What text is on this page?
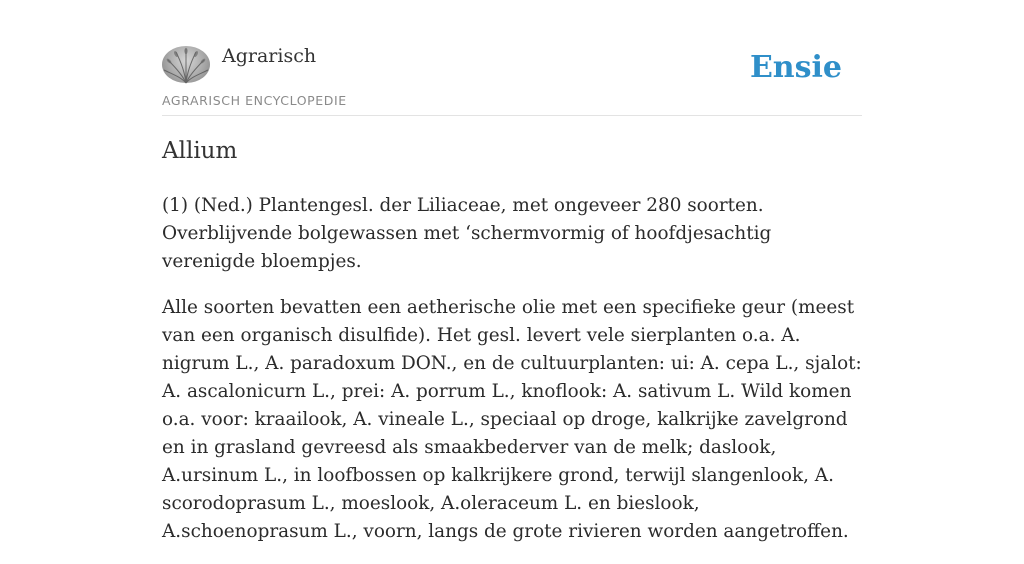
Agrarisch
AGRARISCH ENCYCLOPEDIE
Ensie
Allium

(1) (Ned.) Plantengesl. der Liliaceae, met ongeveer 280 soorten. Overblijvende bolgewassen met ‘schermvormig of hoofdjesachtig verenigde bloempjes.

Alle soorten bevatten een aetherische olie met een specifieke geur (meest van een organisch disulfide). Het gesl. levert vele sierplanten o.a. A. nigrum L., A. paradoxum DON., en de cultuurplanten: ui: A. cepa L., sjalot: A. ascalonicurn L., prei: A. porrum L., knoflook: A. sativum L. Wild komen o.a. voor: kraailook, A. vineale L., speciaal op droge, kalkrijke zavelgrond en in grasland gevreesd als smaakbederver van de melk; daslook, A.ursinum L., in loofbossen op kalkrijkere grond, terwijl slangenlook, A. scorodoprasum L., moeslook, A.oleraceum L. en bieslook, A.schoenoprasum L., voorn, langs de grote rivieren worden aangetroffen.
